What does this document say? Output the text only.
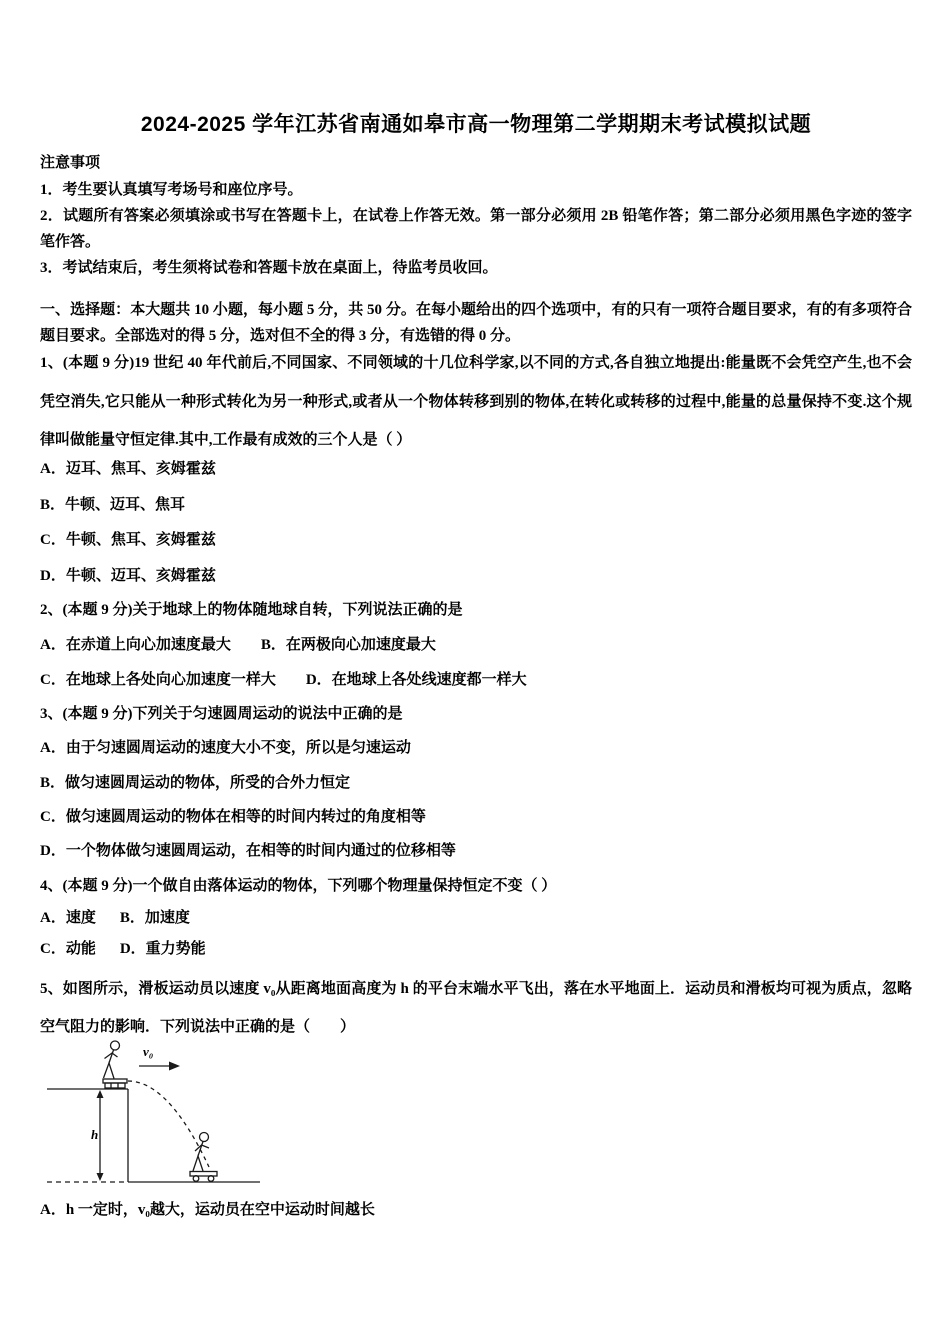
2024-2025 学年江苏省南通如皋市高一物理第二学期期末考试模拟试题
注意事项
1．考生要认真填写考场号和座位序号。
2．试题所有答案必须填涂或书写在答题卡上，在试卷上作答无效。第一部分必须用 2B 铅笔作答；第二部分必须用黑色字迹的签字笔作答。
3．考试结束后，考生须将试卷和答题卡放在桌面上，待监考员收回。
一、选择题：本大题共 10 小题，每小题 5 分，共 50 分。在每小题给出的四个选项中，有的只有一项符合题目要求，有的有多项符合题目要求。全部选对的得 5 分，选对但不全的得 3 分，有选错的得 0 分。
1、(本题 9 分)19 世纪 40 年代前后,不同国家、不同领域的十几位科学家,以不同的方式,各自独立地提出:能量既不会凭空产生,也不会凭空消失,它只能从一种形式转化为另一种形式,或者从一个物体转移到别的物体,在转化或转移的过程中,能量的总量保持不变.这个规律叫做能量守恒定律.其中,工作最有成效的三个人是（ ）
A．迈耳、焦耳、亥姆霍兹
B．牛顿、迈耳、焦耳
C．牛顿、焦耳、亥姆霍兹
D．牛顿、迈耳、亥姆霍兹
2、(本题 9 分)关于地球上的物体随地球自转，下列说法正确的是
A．在赤道上向心加速度最大 B．在两极向心加速度最大
C．在地球上各处向心加速度一样大 D．在地球上各处线速度都一样大
3、(本题 9 分)下列关于匀速圆周运动的说法中正确的是
A．由于匀速圆周运动的速度大小不变，所以是匀速运动
B．做匀速圆周运动的物体，所受的合外力恒定
C．做匀速圆周运动的物体在相等的时间内转过的角度相等
D．一个物体做匀速圆周运动，在相等的时间内通过的位移相等
4、(本题 9 分)一个做自由落体运动的物体，下列哪个物理量保持恒定不变（ ）
A．速度 B．加速度
C．动能 D．重力势能
5、如图所示，滑板运动员以速度 v₀从距离地面高度为 h 的平台末端水平飞出，落在水平地面上．运动员和滑板均可视为质点，忽略空气阻力的影响．下列说法中正确的是（　　）
h
v₀
A．h 一定时，v₀越大，运动员在空中运动时间越长
